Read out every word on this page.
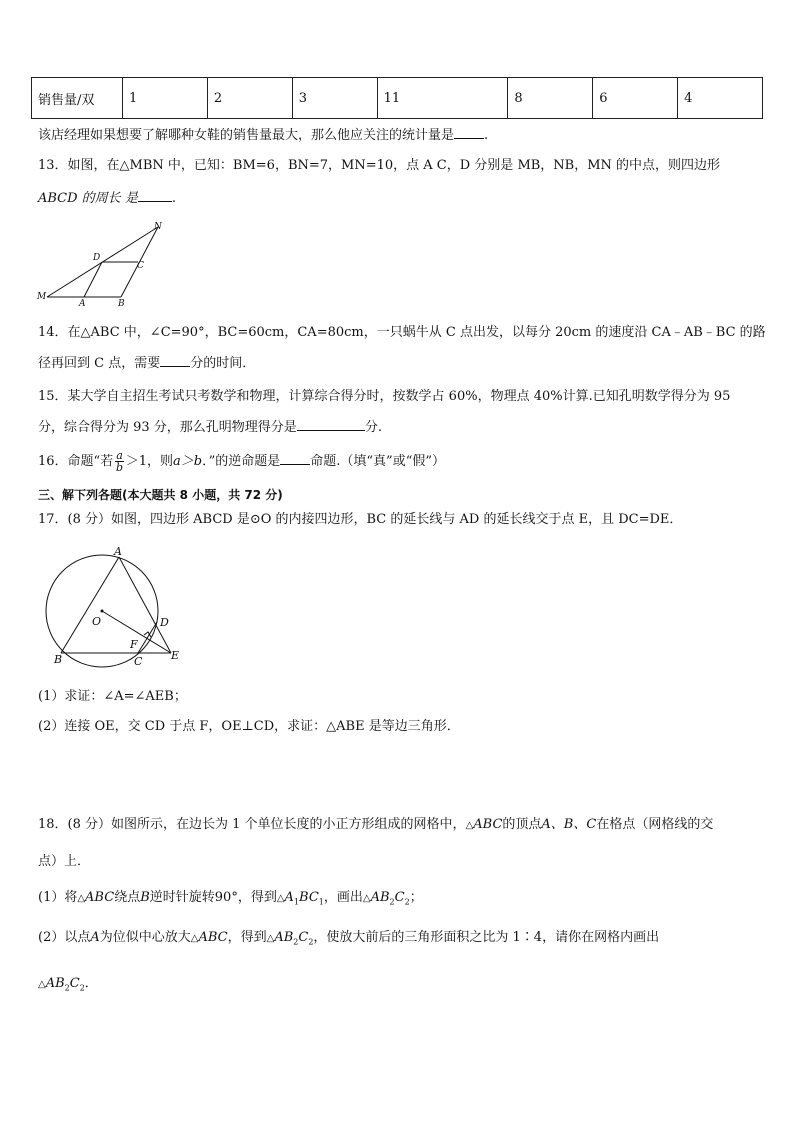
销售量/双	1	2	3	11	8	6	4
该店经理如果想要了解哪种女鞋的销售量最大，那么他应关注的统计量是 .
13．如图，在△MBN 中，已知：BM=6，BN=7，MN=10，点 A C，D 分别是 MB，NB，MN 的中点，则四边形
ABCD 的周长 是	.
N
D
C
M
A	B
14．在△ABC 中，∠C=90°，BC=60cm，CA=80cm，一只蜗牛从 C 点出发，以每分 20cm 的速度沿 CA﹣AB﹣BC 的路
径再回到 C 点，需要 分的时间．
15．某大学自主招生考试只考数学和物理，计算综合得分时，按数学占 60%，物理点 40%计算.已知孔明数学得分为 95
分，综合得分为 93 分，那么孔明物理得分是	分.
16．命题“若 $\frac{a}{b} >1$，则a＞b．”的逆命题是 命题.（填“真”或“假”）
三、解下列各题(本大题共 8 小题，共 72 分)
17．(8 分）如图，四边形 ABCD 是⊙O 的内接四边形，BC 的延长线与 AD 的延长线交于点 E，且 DC=DE．
A
O	D
F
B	C	E
(1）求证：∠A=∠AEB；
(2）连接 OE，交 CD 于点 F，OE⊥CD，求证：△ABE 是等边三角形．
18．(8 分）如图所示，在边长为 1 个单位长度的小正方形组成的网格中，△ABC的顶点A、B、C在格点（网格线的交
点）上．
(1）将△ABC绕点B逆时针旋转90°，得到$\triangle A_1BC_1$，画出$\triangle AB_2C_2$；
(2）以点A为位似中心放大△ABC，得到$\triangle AB_2C_2$，使放大前后的三角形面积之比为 1∶4，请你在网格内画出
$\triangle AB_2C_2$．
